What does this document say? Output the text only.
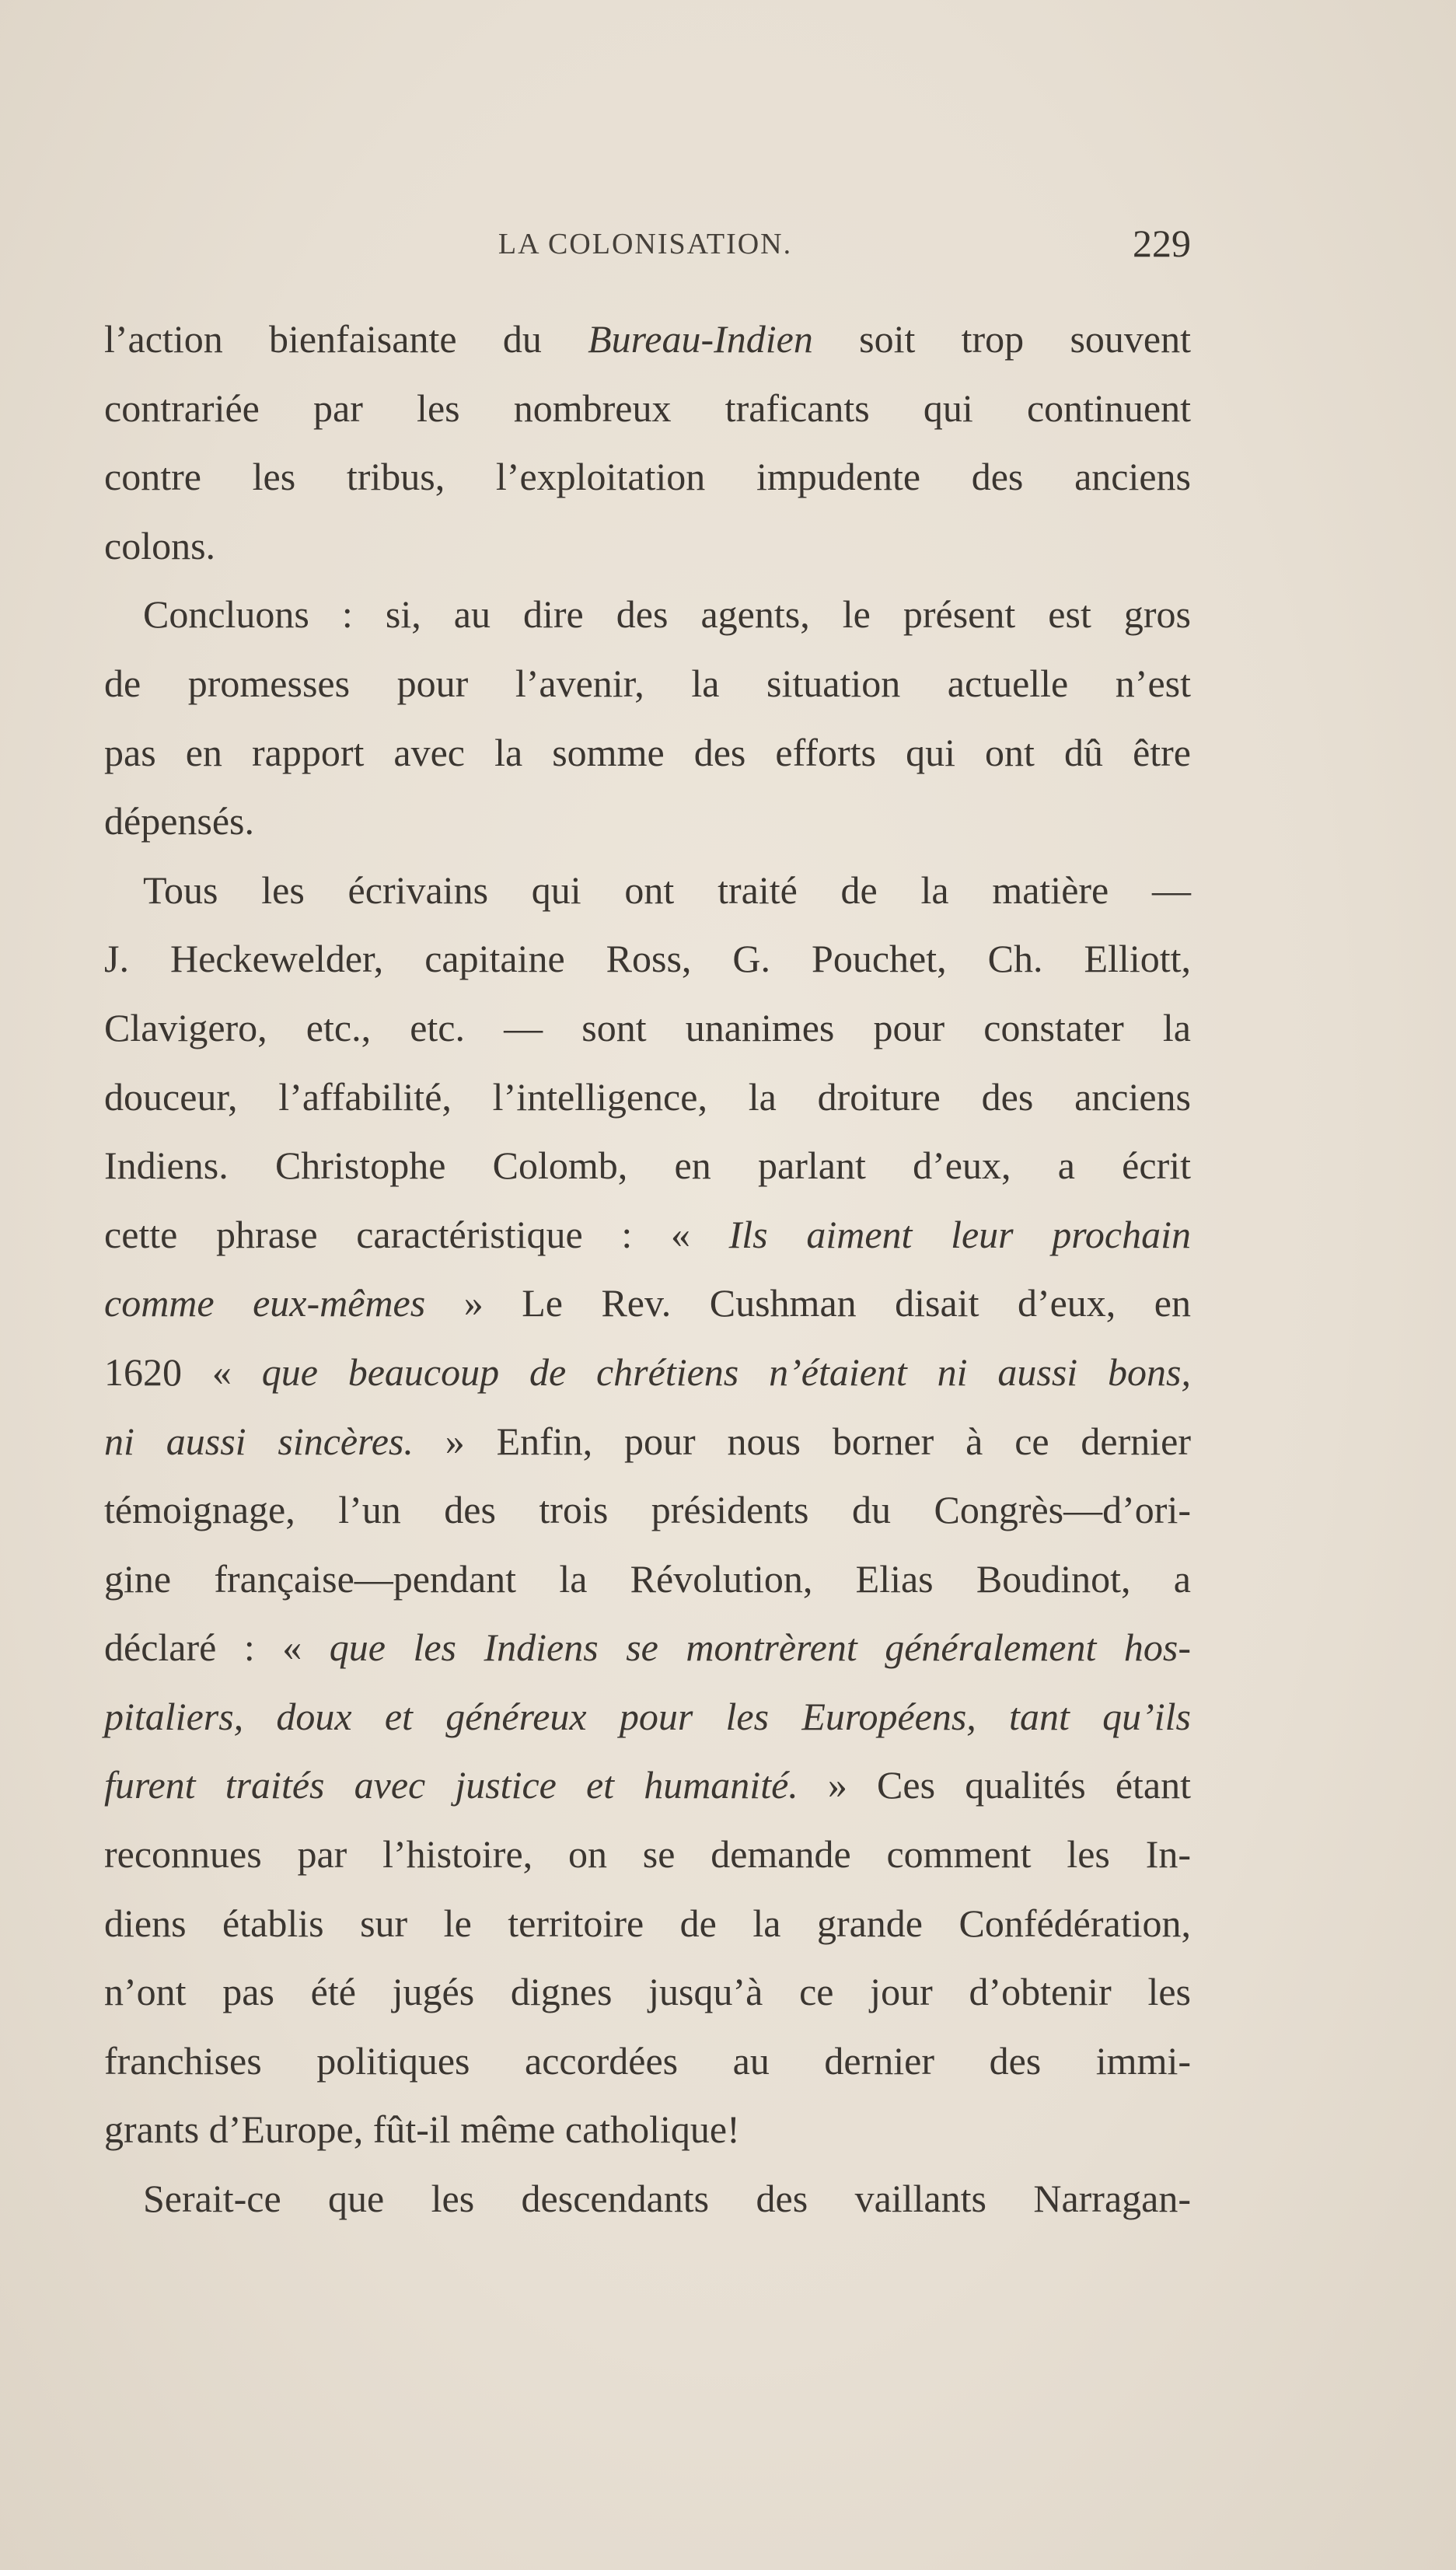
LA COLONISATION.	229
l’action bienfaisante du Bureau-Indien soit trop souvent
contrariée par les nombreux traficants qui continuent
contre les tribus, l’exploitation impudente des anciens
colons.
Concluons : si, au dire des agents, le présent est gros
de promesses pour l’avenir, la situation actuelle n’est
pas en rapport avec la somme des efforts qui ont dû être
dépensés.
Tous les écrivains qui ont traité de la matière —
J. Heckewelder, capitaine Ross, G. Pouchet, Ch. Elliott,
Clavigero, etc., etc. — sont unanimes pour constater la
douceur, l’affabilité, l’intelligence, la droiture des anciens
Indiens. Christophe Colomb, en parlant d’eux, a écrit
cette phrase caractéristique : « Ils aiment leur prochain
comme eux-mêmes » Le Rev. Cushman disait d’eux, en
1620 « que beaucoup de chrétiens n’étaient ni aussi bons,
ni aussi sincères. » Enfin, pour nous borner à ce dernier
témoignage, l’un des trois présidents du Congrès—d’ori-
gine française—pendant la Révolution, Elias Boudinot, a
déclaré : « que les Indiens se montrèrent généralement hos-
pitaliers, doux et généreux pour les Européens, tant qu’ils
furent traités avec justice et humanité. » Ces qualités étant
reconnues par l’histoire, on se demande comment les In-
diens établis sur le territoire de la grande Confédération,
n’ont pas été jugés dignes jusqu’à ce jour d’obtenir les
franchises politiques accordées au dernier des immi-
grants d’Europe, fût-il même catholique!
Serait-ce que les descendants des vaillants Narragan-
